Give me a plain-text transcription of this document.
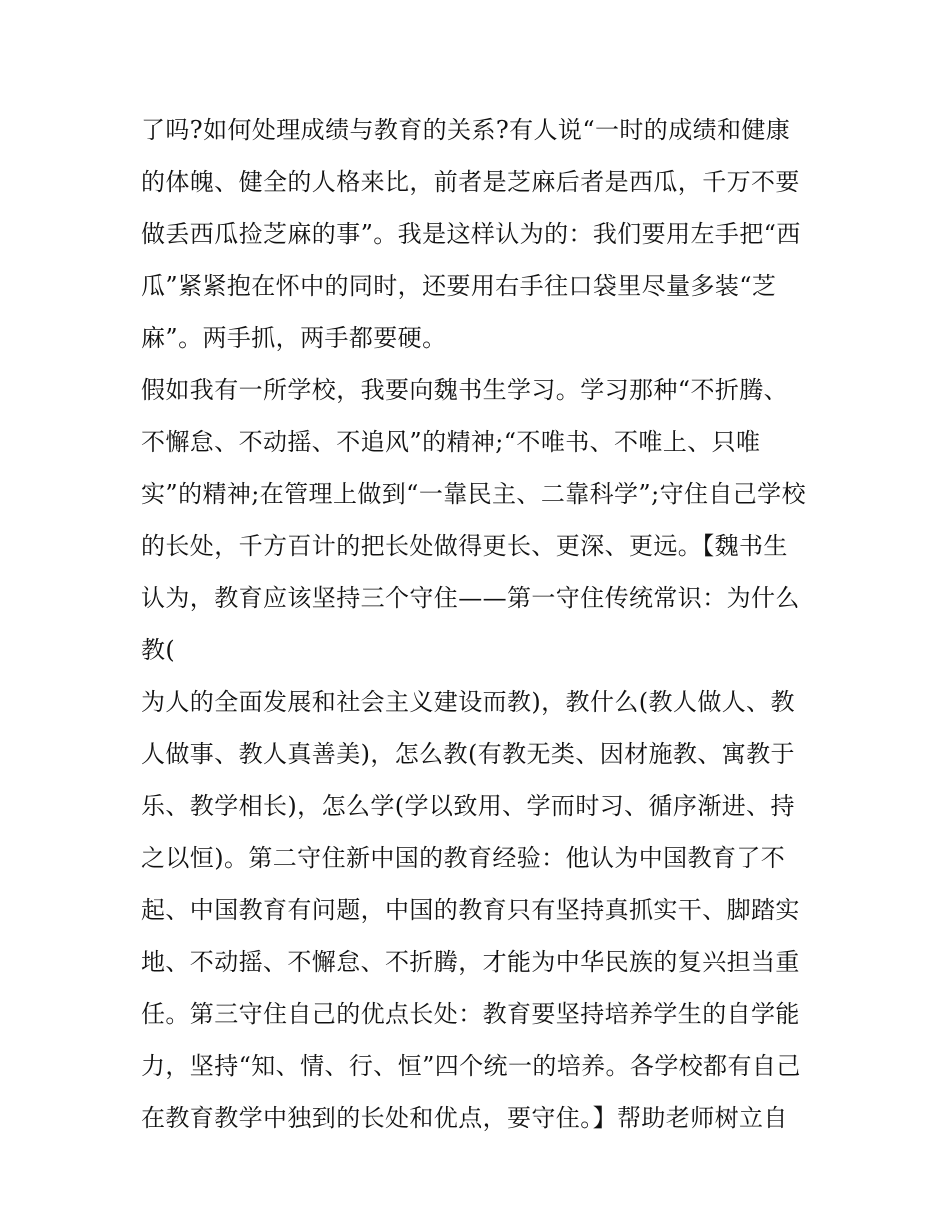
了吗?如何处理成绩与教育的关系?有人说“一时的成绩和健康
的体魄、健全的人格来比，前者是芝麻后者是西瓜，千万不要
做丢西瓜捡芝麻的事”。我是这样认为的：我们要用左手把“西
瓜”紧紧抱在怀中的同时，还要用右手往口袋里尽量多装“芝
麻”。两手抓，两手都要硬。
假如我有一所学校，我要向魏书生学习。学习那种“不折腾、
不懈怠、不动摇、不追风”的精神;“不唯书、不唯上、只唯
实”的精神;在管理上做到“一靠民主、二靠科学”;守住自己学校
的长处，千方百计的把长处做得更长、更深、更远。【魏书生
认为，教育应该坚持三个守住——第一守住传统常识：为什么
教(
为人的全面发展和社会主义建设而教)，教什么(教人做人、教
人做事、教人真善美)，怎么教(有教无类、因材施教、寓教于
乐、教学相长)，怎么学(学以致用、学而时习、循序渐进、持
之以恒)。第二守住新中国的教育经验：他认为中国教育了不
起、中国教育有问题，中国的教育只有坚持真抓实干、脚踏实
地、不动摇、不懈怠、不折腾，才能为中华民族的复兴担当重
任。第三守住自己的优点长处：教育要坚持培养学生的自学能
力，坚持“知、情、行、恒”四个统一的培养。各学校都有自己
在教育教学中独到的长处和优点，要守住。】帮助老师树立自
